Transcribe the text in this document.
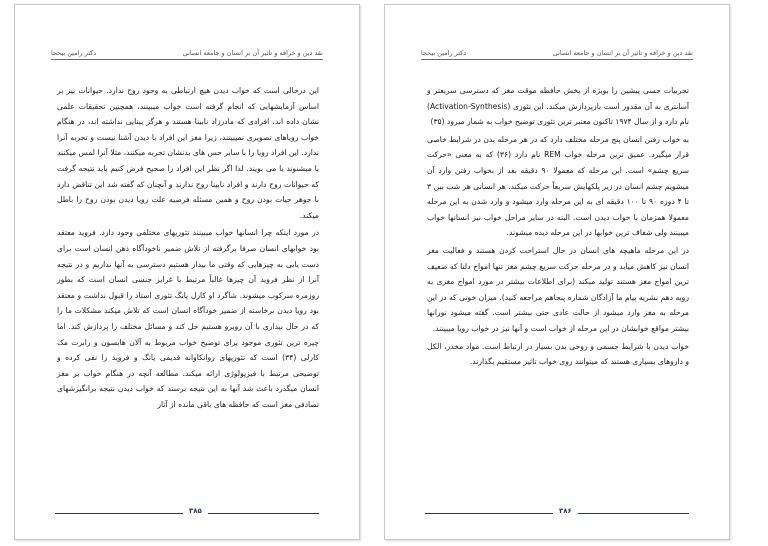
نقد دین و خرافه و تاثیر آن بر انسان و جامعه انسانی
دکتر رامین بیحجا

این درحالی است که خواب دیدن هیچ ارتباطی به وجود روح ندارد. حیوانات نیز بر اساس آزمایشهایی که انجام گرفته است خواب میبینند، همچنین تحقیقات علمی نشان داده اند، افرادی که مادرزاد نابینا هستند و هرگز بینایی نداشته اند، در هنگام خواب رویاهای تصویری نمیبینند، زیرا مغز این افراد با دیدن آشنا نیست و تجربه آنرا ندارد. این افراد رویا را با سایر حس های بدنشان تجربه میکنند، مثلا آنرا لمس میکنند یا میشنوند یا می بویند. لذا اگر نظر این افراد را صحیح فرض کنیم باید نتیجه گرفت که حیوانات روح دارند و افراد نابینا روح ندارند و آنچنان که گفته شد این تناقض دارد با جوهر حیات بودن روح و همین مسئله فرضیه علت رویا دیدن بودن روح را باطل میکند.

در مورد اینکه چرا انسانها خواب میبینند تئوریهای مختلفی وجود دارد. فروید معتقد بود خوابهای انسان صرفا برگرفته از تلاش ضمیر ناخودآگاه ذهن انسان است برای دست یابی به چیزهایی که وقتی ما بیدار هستیم دسترسی به آنها نداریم و در نتیجه آنرا از نظر فروید آن چیزها غالباً مرتبط با غرایز جنسی انسان است که بطور روزمره سرکوب میشوند. شاگرد او کارل یانگ تئوری استاد را قبول نداشت و معتقد بود رویا دیدن برخاسته از ضمیر خودآگاه انسان است که تلاش میکند مشکلات ما را که در حال بیداری با آن روبرو هستیم حل کند و مسائل مختلف را پردازش کند. اما چیره ترین تئوری موجود برای توضیح خواب مربوط به آلان هابسون و رابرت مک کارلی (۳۴) است که تئوریهای روانکاوانه قدیمی یانگ و فروید را نفی کرده و توضیحی مرتبط با فیزیولوژی ارائه میکند. مطالعه آنچه در هنگام خواب بر مغز انسان میگذرد باعث شد آنها به این نتیجه برسند که خواب دیدن نتیجه برانگیزشهای تصادفی مغز است که حافظه های باقی مانده از آثار

۳۸۵
نقد دین و خرافه و تاثیر آن بر انسان و جامعه انسانی
دکتر رامین بیحجا

تجربیات حسی پیشین را بویژه از بخش حافظه موقت مغز که دسترسی سریعتر و آسانتری به آن مقدور است بازپردازش میکند. این تئوری (Activation-Synthesis) نام دارد و از سال ۱۹۷۴ تاکنون معتبر ترین تئوری توضیح خواب به شمار میرود (۳۵)

به خواب رفتن انسان پنج مرحله مختلف دارد که در هر مرحله بدن در شرایط خاصی قرار میگیرد. عمیق ترین مرحله خواب REM نام دارد (۳۶) که به معنی «حرکت سریع چشم» است. این مرحله که معمولا ۹۰ دقیقه بعد از بخواب رفتن وارد آن میشویم چشم انسان در زیر پلکهایش سریعاً حرکت میکند. هر انسانی هر شب بین ۳ تا ۴ دوره ۹۰ تا ۱۰۰ دقیقه ای به این مرحله وارد میشود و وارد شدن به این مرحله معمولا همزمان با خواب دیدن است. البته در سایر مراحل خواب نیز انسانها خواب میبینند ولی شفاف ترین خوابها در این مرحله دیده میشوند.

در این مرحله ماهیچه های انسان در حال استراحت کردن هستند و فعالیت مغز انسان نیز کاهش میابد و در مرحله حرکت سریع چشم مغز تنها امواج دلتا که ضعیف ترین امواج مغز هستند تولید میکند (برای اطلاعات بیشتر در مورد امواج مغزی به رویه دهم نشریه پیام ما آزادگان شماره پنجاهم مراجعه کنید). میزان خونی که در این مرحله به مغز وارد میشود از حالت عادی حتی بیشتر است. گفته میشود نورانها بیشتر مواقع خوابشان در این مرحله از خواب است و آنها نیز در خواب رویا میبینند.

خواب دیدن با شرایط جسمی و روحی بدن بسیار در ارتباط است. مواد مخدر، الکل و داروهای بسیاری هستند که میتوانند روی خواب تاثیر مستقیم بگذارند.

۳۸۶
